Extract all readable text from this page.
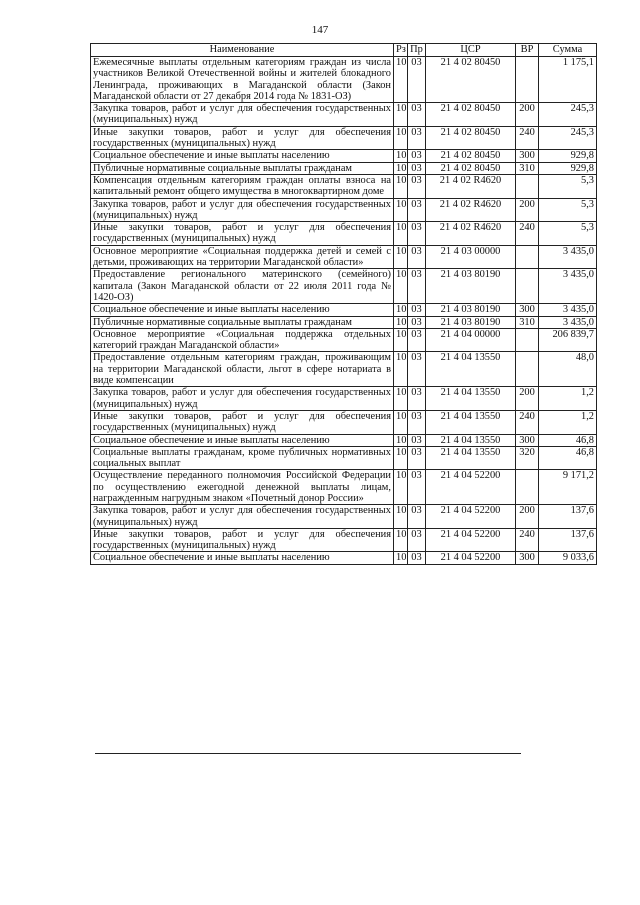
147
Наименование	Рз	Пр	ЦСР	ВР	Сумма
Ежемесячные выплаты отдельным категориям граждан из числа участников Великой Отечественной войны и жителей блокадного Ленинграда, проживающих в Магаданской области (Закон Магаданской области от 27 декабря 2014 года № 1831-ОЗ)	10	03	21 4 02 80450		1 175,1
Закупка товаров, работ и услуг для обеспечения государственных (муниципальных) нужд	10	03	21 4 02 80450	200	245,3
Иные закупки товаров, работ и услуг для обеспечения государственных (муниципальных) нужд	10	03	21 4 02 80450	240	245,3
Социальное обеспечение и иные выплаты населению	10	03	21 4 02 80450	300	929,8
Публичные нормативные социальные выплаты гражданам	10	03	21 4 02 80450	310	929,8
Компенсация отдельным категориям граждан оплаты взноса на капитальный ремонт общего имущества в многоквартирном доме	10	03	21 4 02 R4620		5,3
Закупка товаров, работ и услуг для обеспечения государственных (муниципальных) нужд	10	03	21 4 02 R4620	200	5,3
Иные закупки товаров, работ и услуг для обеспечения государственных (муниципальных) нужд	10	03	21 4 02 R4620	240	5,3
Основное мероприятие «Социальная поддержка детей и семей с детьми, проживающих на территории Магаданской области»	10	03	21 4 03 00000		3 435,0
Предоставление регионального материнского (семейного) капитала (Закон Магаданской области от 22 июля 2011 года № 1420-ОЗ)	10	03	21 4 03 80190		3 435,0
Социальное обеспечение и иные выплаты населению	10	03	21 4 03 80190	300	3 435,0
Публичные нормативные социальные выплаты гражданам	10	03	21 4 03 80190	310	3 435,0
Основное мероприятие «Социальная поддержка отдельных категорий граждан Магаданской области»	10	03	21 4 04 00000		206 839,7
Предоставление отдельным категориям граждан, проживающим на территории Магаданской области, льгот в сфере нотариата в виде компенсации	10	03	21 4 04 13550		48,0
Закупка товаров, работ и услуг для обеспечения государственных (муниципальных) нужд	10	03	21 4 04 13550	200	1,2
Иные закупки товаров, работ и услуг для обеспечения государственных (муниципальных) нужд	10	03	21 4 04 13550	240	1,2
Социальное обеспечение и иные выплаты населению	10	03	21 4 04 13550	300	46,8
Социальные выплаты гражданам, кроме публичных нормативных социальных выплат	10	03	21 4 04 13550	320	46,8
Осуществление переданного полномочия Российской Федерации по осуществлению ежегодной денежной выплаты лицам, награжденным нагрудным знаком «Почетный донор России»	10	03	21 4 04 52200		9 171,2
Закупка товаров, работ и услуг для обеспечения государственных (муниципальных) нужд	10	03	21 4 04 52200	200	137,6
Иные закупки товаров, работ и услуг для обеспечения государственных (муниципальных) нужд	10	03	21 4 04 52200	240	137,6
Социальное обеспечение и иные выплаты населению	10	03	21 4 04 52200	300	9 033,6
